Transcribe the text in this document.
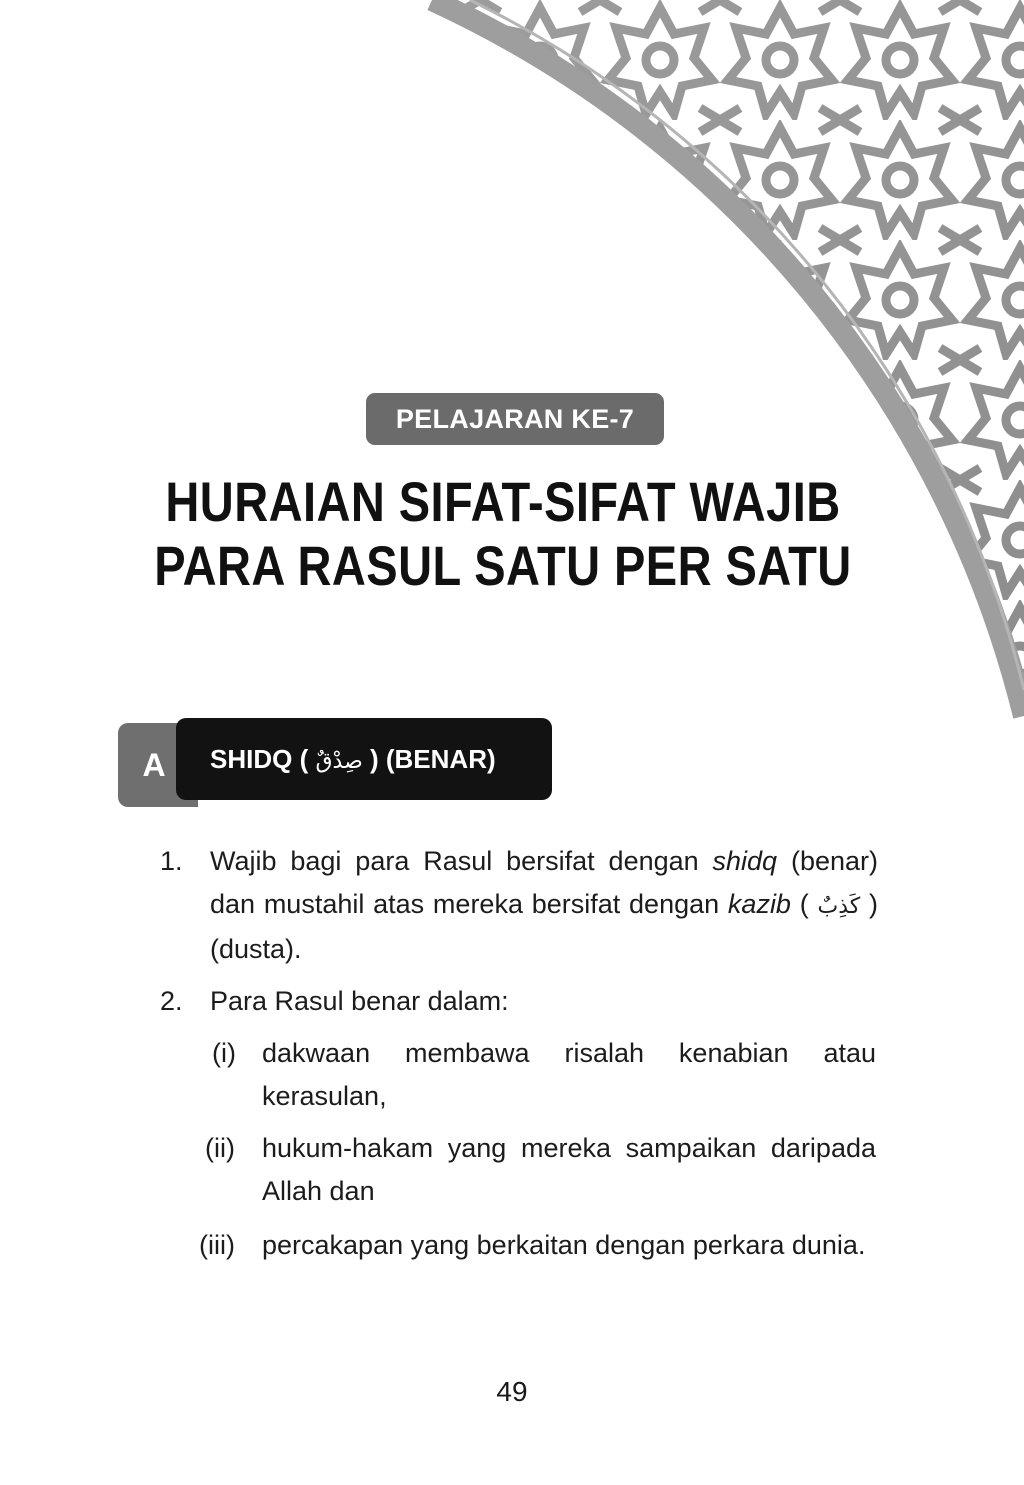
PELAJARAN KE-7
HURAIAN SIFAT-SIFAT WAJIB
PARA RASUL SATU PER SATU
SHIDQ ( صِدْقٌ ) (BENAR)
A
1. Wajib bagi para Rasul bersifat dengan shidq (benar) dan mustahil atas mereka bersifat dengan kazib ( كَذِبٌ ) (dusta).
2. Para Rasul benar dalam:
(i) dakwaan membawa risalah kenabian atau kerasulan,
(ii) hukum-hakam yang mereka sampaikan daripada Allah dan
(iii) percakapan yang berkaitan dengan perkara dunia.
49
